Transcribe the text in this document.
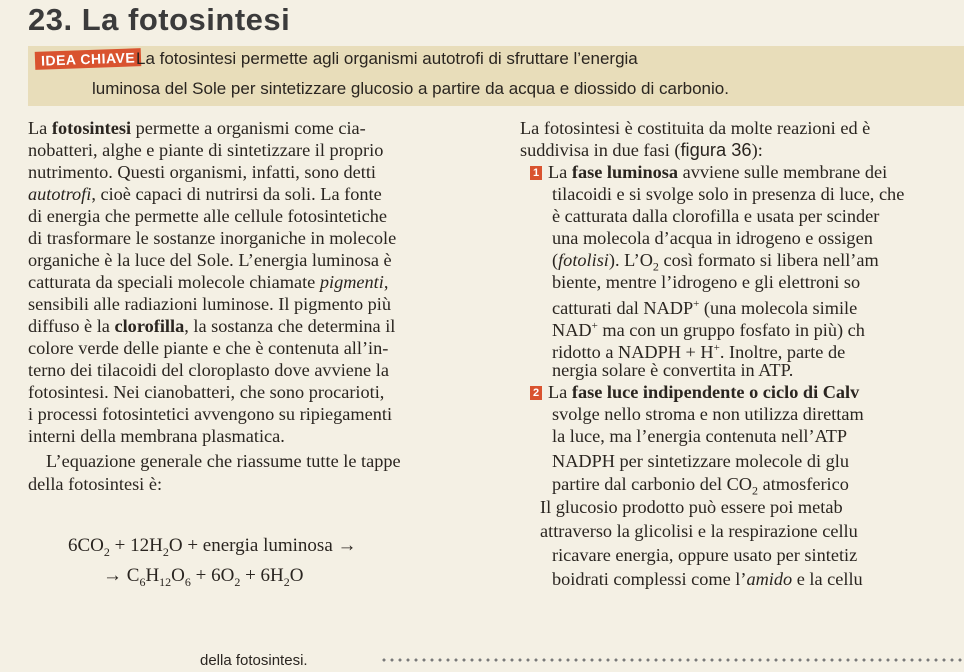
23. La fotosintesi
IDEA CHIAVE La fotosintesi permette agli organismi autotrofi di sfruttare l’energia
luminosa del Sole per sintetizzare glucosio a partire da acqua e diossido di carbonio.
La fotosintesi permette a organismi come cia-
nobatteri, alghe e piante di sintetizzare il proprio
nutrimento. Questi organismi, infatti, sono detti
autotrofi, cioè capaci di nutrirsi da soli. La fonte
di energia che permette alle cellule fotosintetiche
di trasformare le sostanze inorganiche in molecole
organiche è la luce del Sole. L’energia luminosa è
catturata da speciali molecole chiamate pigmenti,
sensibili alle radiazioni luminose. Il pigmento più
diffuso è la clorofilla, la sostanza che determina il
colore verde delle piante e che è contenuta all’in-
terno dei tilacoidi del cloroplasto dove avviene la
fotosintesi. Nei cianobatteri, che sono procarioti,
i processi fotosintetici avvengono su ripiegamenti
interni della membrana plasmatica.
L’equazione generale che riassume tutte le tappe
della fotosintesi è:
$6CO_2 + 12H_2O$ + energia luminosa →
→ $C_6H_{12}O_6 + 6O_2 + 6H_2O$
La fotosintesi è costituita da molte reazioni ed è
suddivisa in due fasi (figura 36):
1 La fase luminosa avviene sulle membrane dei
tilacoidi e si svolge solo in presenza di luce, che
è catturata dalla clorofilla e usata per scinder
una molecola d’acqua in idrogeno e ossigen
(fotolisi). $L’O_2$ così formato si libera nell’am
biente, mentre l’idrogeno e gli elettroni so
catturati dal NADP+ (una molecola simile
NAD+ ma con un gruppo fosfato in più) ch
ridotto a NADPH + H+. Inoltre, parte de
nergia solare è convertita in ATP.
2 La fase luce indipendente o ciclo di Calv
svolge nello stroma e non utilizza direttam
la luce, ma l’energia contenuta nell’ATP
NADPH per sintetizzare molecole di glu
partire dal carbonio del $CO_2$ atmosferico
Il glucosio prodotto può essere poi metab
attraverso la glicolisi e la respirazione cellu
ricavare energia, oppure usato per sintetiz
boidrati complessi come l’amido e la cellu
della fotosintesi.
